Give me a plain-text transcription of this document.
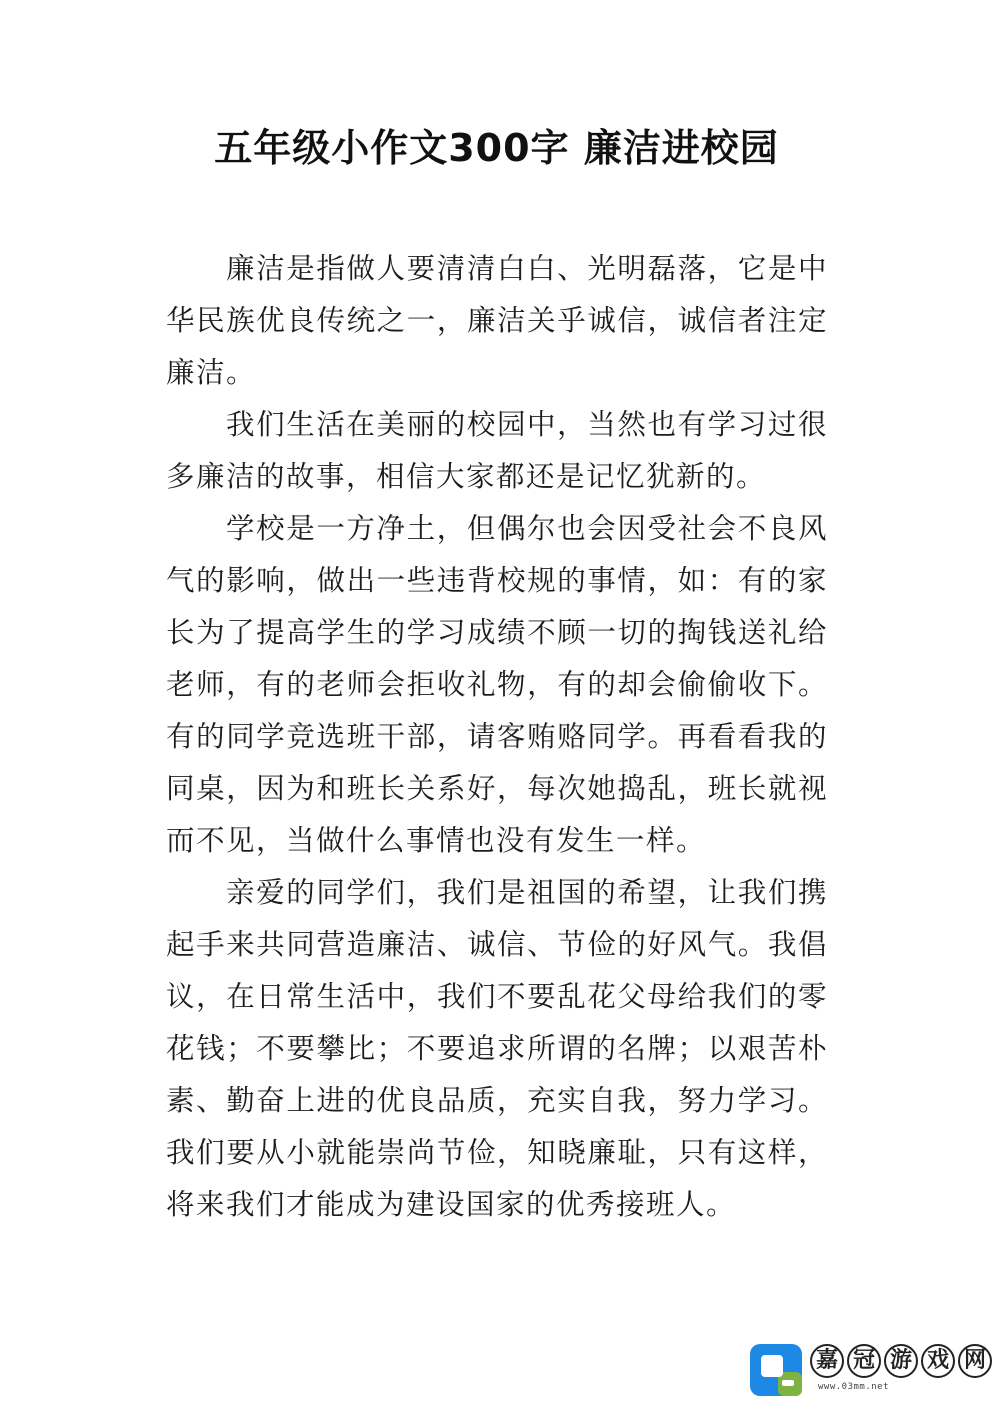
五年级小作文300字 廉洁进校园

廉洁是指做人要清清白白、光明磊落，它是中华民族优良传统之一，廉洁关乎诚信，诚信者注定廉洁。

我们生活在美丽的校园中，当然也有学习过很多廉洁的故事，相信大家都还是记忆犹新的。

学校是一方净土，但偶尔也会因受社会不良风气的影响，做出一些违背校规的事情，如：有的家长为了提高学生的学习成绩不顾一切的掏钱送礼给老师，有的老师会拒收礼物，有的却会偷偷收下。有的同学竞选班干部，请客贿赂同学。再看看我的同桌，因为和班长关系好，每次她捣乱，班长就视而不见，当做什么事情也没有发生一样。

亲爱的同学们，我们是祖国的希望，让我们携起手来共同营造廉洁、诚信、节俭的好风气。我倡议，在日常生活中，我们不要乱花父母给我们的零花钱；不要攀比；不要追求所谓的名牌；以艰苦朴素、勤奋上进的优良品质，充实自我，努力学习。我们要从小就能崇尚节俭，知晓廉耻，只有这样，将来我们才能成为建设国家的优秀接班人。

嘉 冠 游 戏 网
www.03mm.net
